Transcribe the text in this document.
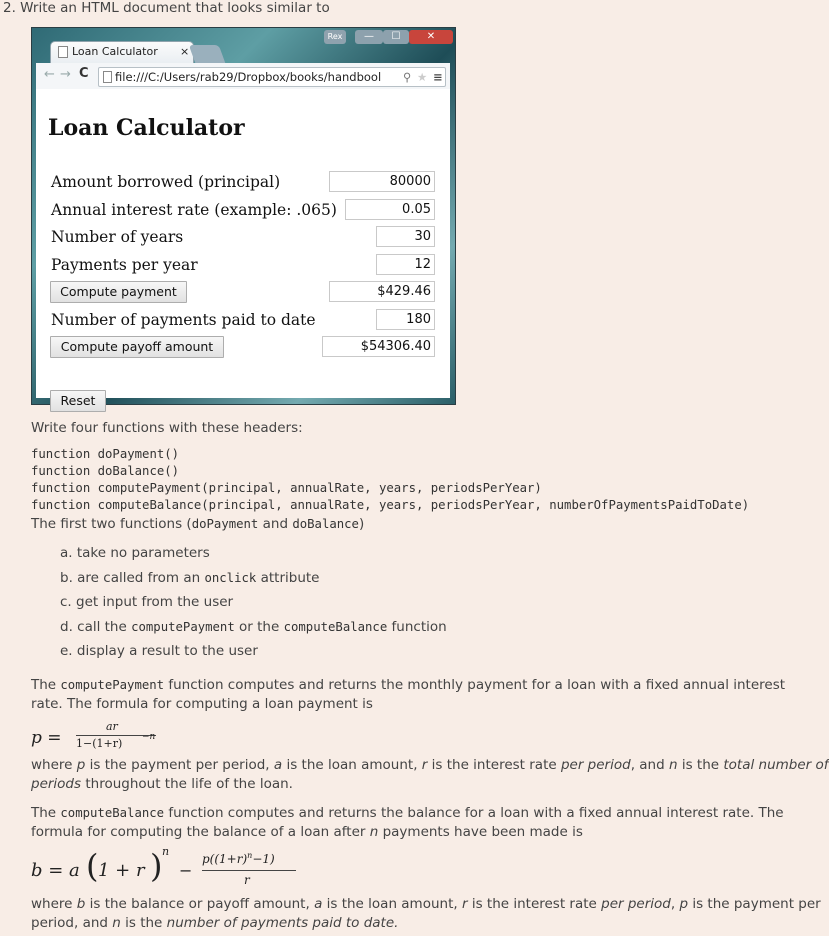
2. Write an HTML document that looks similar to
Rex	—	☐	✕
Loan Calculator ×
← → C file:///C:/Users/rab29/Dropbox/books/handbool ⚲ ★ ≡
Loan Calculator
Amount borrowed (principal)	80000
Annual interest rate (example: .065)	0.05
Number of years	30
Payments per year	12
Compute payment	$429.46
Number of payments paid to date	180
Compute payoff amount	$54306.40
Reset
Write four functions with these headers:
function doPayment()
function doBalance()
function computePayment(principal, annualRate, years, periodsPerYear)
function computeBalance(principal, annualRate, years, periodsPerYear, numberOfPaymentsPaidToDate)
The first two functions (doPayment and doBalance)
a. take no parameters
b. are called from an onclick attribute
c. get input from the user
d. call the computePayment or the computeBalance function
e. display a result to the user
The computePayment function computes and returns the monthly payment for a loan with a fixed annual interest
rate. The formula for computing a loan payment is
p =
ar
1−(1+r) −n
where p is the payment per period, a is the loan amount, r is the interest rate per period, and n is the total number of
periods throughout the life of the loan.
The computeBalance function computes and returns the balance for a loan with a fixed annual interest rate. The
formula for computing the balance of a loan after n payments have been made is
b = a ( 1 + r ) n
−
$p((1+r)^n-1)$
r
where b is the balance or payoff amount, a is the loan amount, r is the interest rate per period, p is the payment per
period, and n is the number of payments paid to date.
